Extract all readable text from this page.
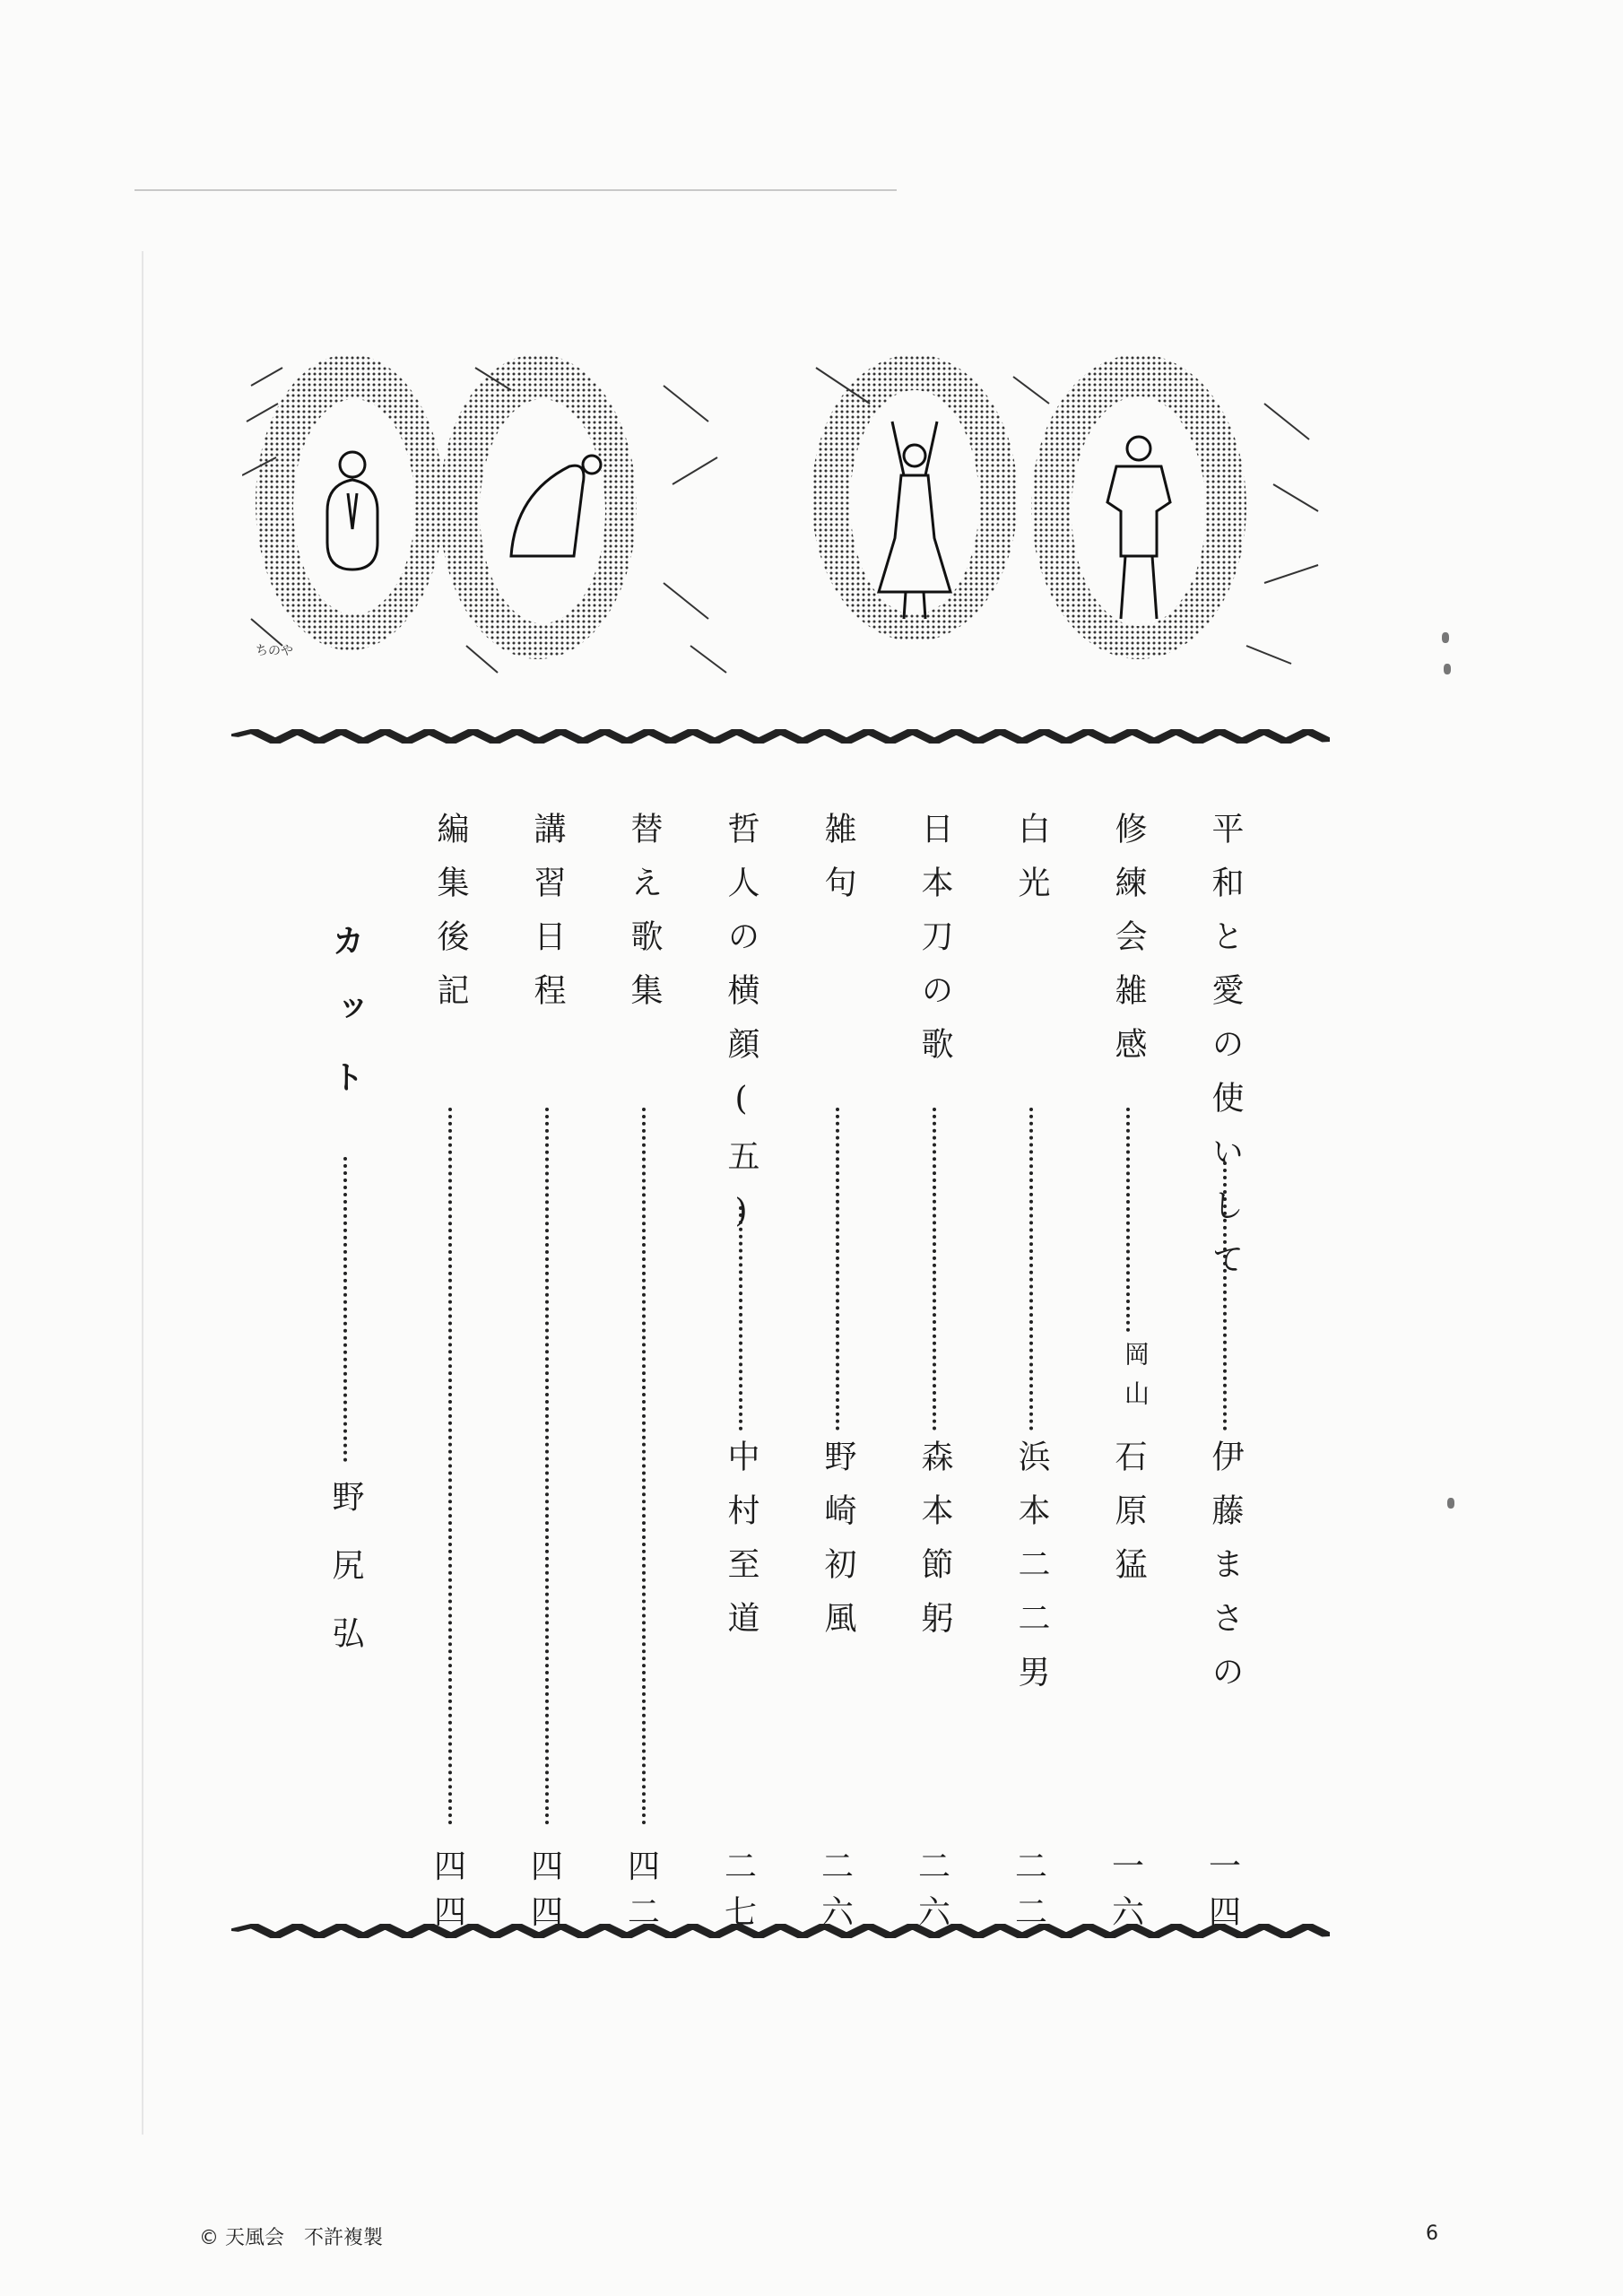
ちのや
平和と愛の使いして
伊藤まさの
一四
修練会雑感
岡山
石原猛
一六
白光
浜本二二男
二二
日本刀の歌
森本節躬
二六
雑句
野崎初風
二六
哲人の横顔(五)
中村至道
二七
替え歌集
四二
講習日程
四四
編集後記
四四
カット
野尻弘
© 天風会　不許複製	6
